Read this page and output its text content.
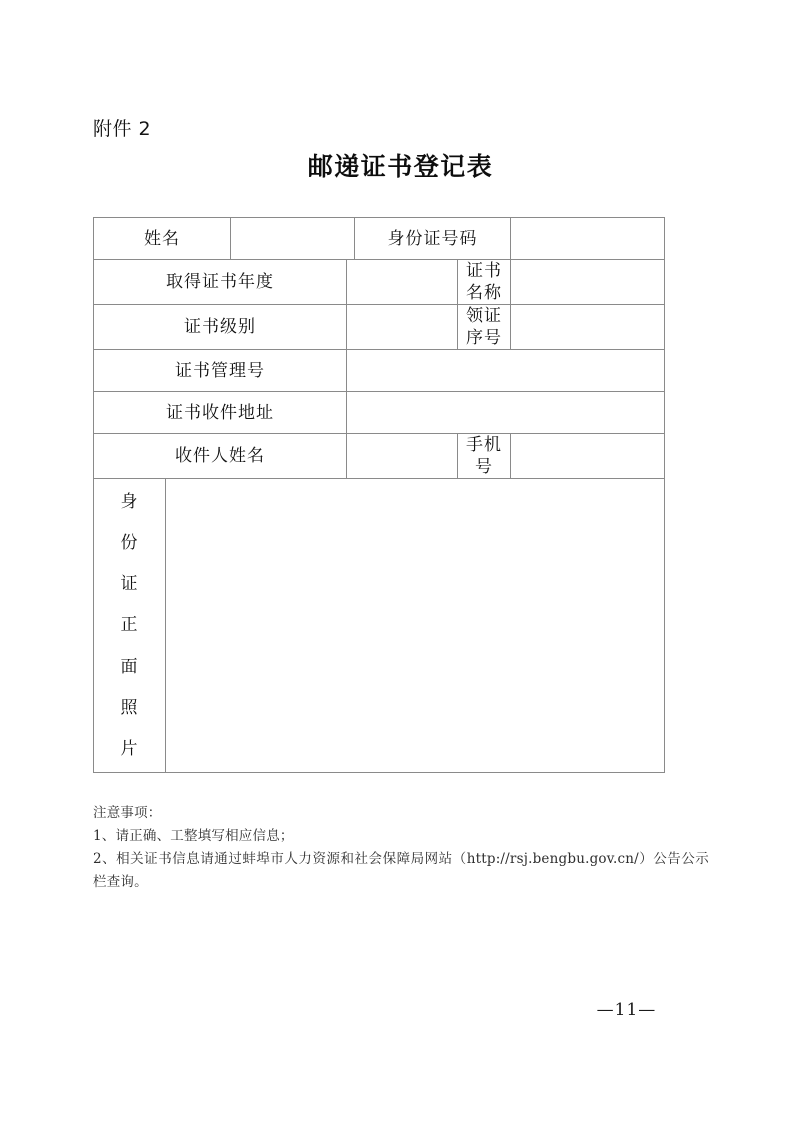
附件 2
邮递证书登记表
姓名				身份证号码		
取得证书年度					证书名称	
证书级别					领证序号	
证书管理号						
证书收件地址						
收件人姓名					手机号	

身
份
证
正
面
照
片

注意事项：

1、请正确、工整填写相应信息；

2、相关证书信息请通过蚌埠市人力资源和社会保障局网站（http://rsj.bengbu.gov.cn/）公告公示栏查询。

—11—
